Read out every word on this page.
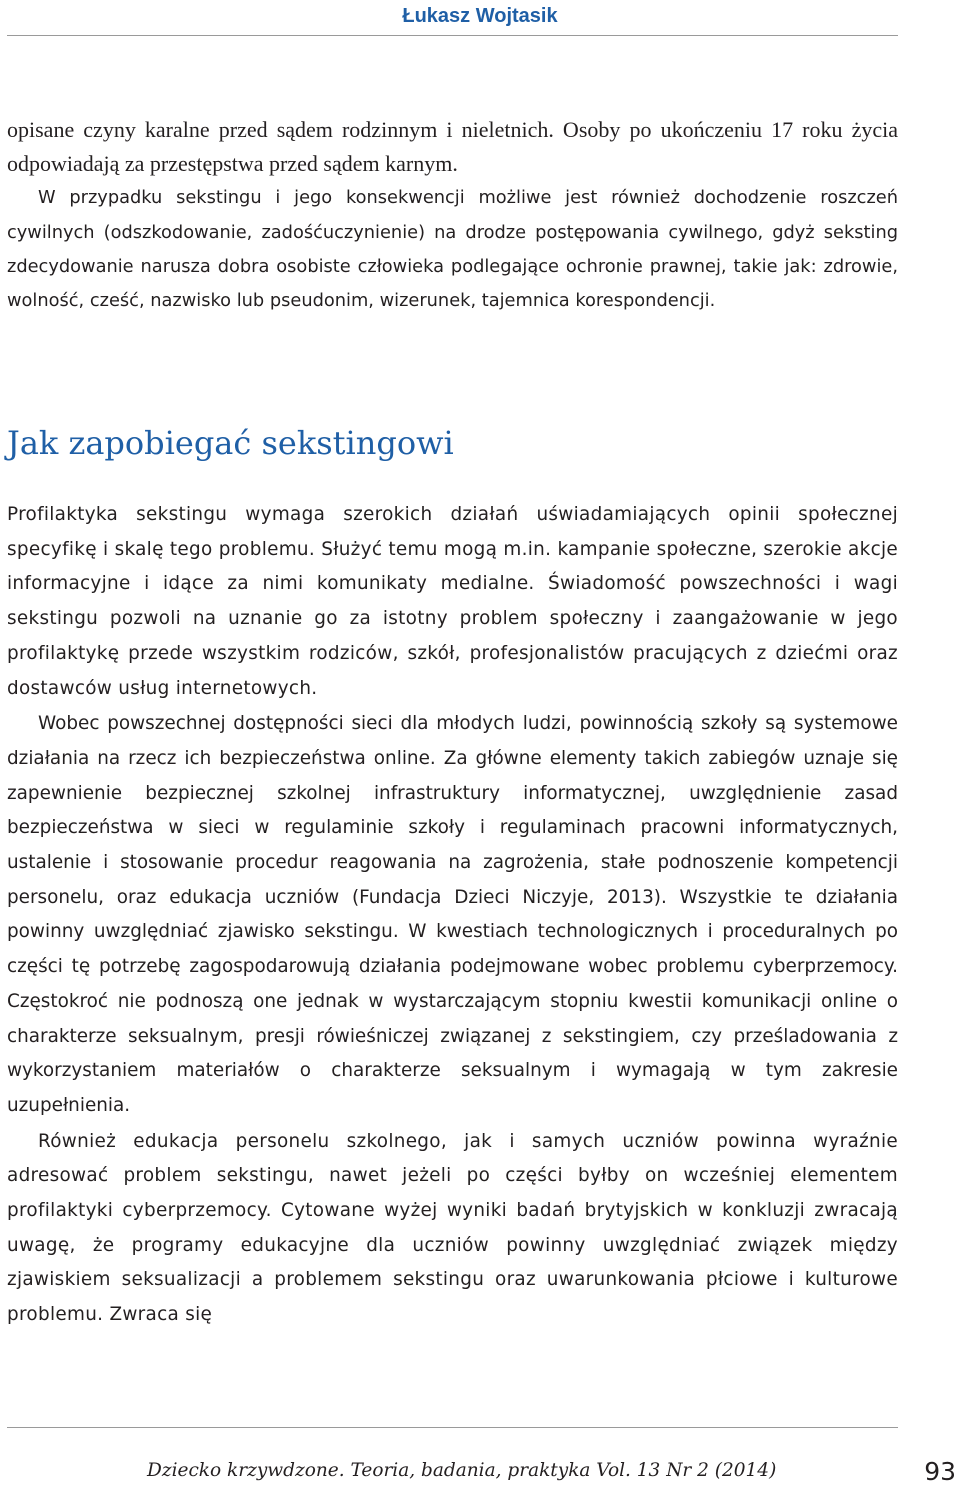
Łukasz Wojtasik

opisane czyny karalne przed sądem rodzinnym i nieletnich. Osoby po ukończeniu 17 roku życia odpowiadają za przestępstwa przed sądem karnym.

W przypadku sekstingu i jego konsekwencji możliwe jest również dochodzenie roszczeń cywilnych (odszkodowanie, zadośćuczynienie) na drodze postępowania cywilnego, gdyż seksting zdecydowanie narusza dobra osobiste człowieka podlegające ochronie prawnej, takie jak: zdrowie, wolność, cześć, nazwisko lub pseudonim, wizerunek, tajemnica korespondencji.

Jak zapobiegać sekstingowi

Profilaktyka sekstingu wymaga szerokich działań uświadamiających opinii społecznej specyfikę i skalę tego problemu. Służyć temu mogą m.in. kampanie społeczne, szerokie akcje informacyjne i idące za nimi komunikaty medialne. Świadomość powszechności i wagi sekstingu pozwoli na uznanie go za istotny problem społeczny i zaangażowanie w jego profilaktykę przede wszystkim rodziców, szkół, profesjonalistów pracujących z dziećmi oraz dostawców usług internetowych.

Wobec powszechnej dostępności sieci dla młodych ludzi, powinnością szkoły są systemowe działania na rzecz ich bezpieczeństwa online. Za główne elementy takich zabiegów uznaje się zapewnienie bezpiecznej szkolnej infrastruktury informatycznej, uwzględnienie zasad bezpieczeństwa w sieci w regulaminie szkoły i regulaminach pracowni informatycznych, ustalenie i stosowanie procedur reagowania na zagrożenia, stałe podnoszenie kompetencji personelu, oraz edukacja uczniów (Fundacja Dzieci Niczyje, 2013). Wszystkie te działania powinny uwzględniać zjawisko sekstingu. W kwestiach technologicznych i proceduralnych po części tę potrzebę zagospodarowują działania podejmowane wobec problemu cyberprzemocy. Częstokroć nie podnoszą one jednak w wystarczającym stopniu kwestii komunikacji online o charakterze seksualnym, presji rówieśniczej związanej z sekstingiem, czy prześladowania z wykorzystaniem materiałów o charakterze seksualnym i wymagają w tym zakresie uzupełnienia.

Również edukacja personelu szkolnego, jak i samych uczniów powinna wyraźnie adresować problem sekstingu, nawet jeżeli po części byłby on wcześniej elementem profilaktyki cyberprzemocy. Cytowane wyżej wyniki badań brytyjskich w konkluzji zwracają uwagę, że programy edukacyjne dla uczniów powinny uwzględniać związek między zjawiskiem seksualizacji a problemem sekstingu oraz uwarunkowania płciowe i kulturowe problemu. Zwraca się

Dziecko krzywdzone. Teoria, badania, praktyka Vol. 13 Nr 2 (2014)	93
